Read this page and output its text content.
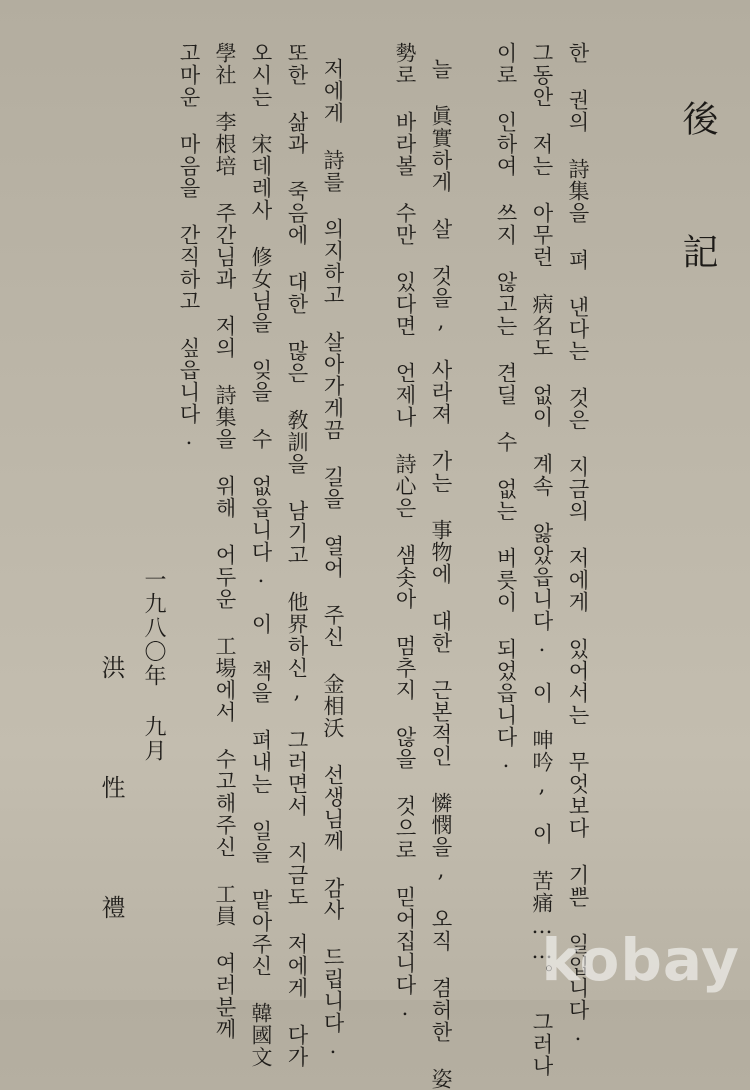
後 記
한 권의 詩集을 펴 낸다는 것은 지금의 저에게 있어서는 무엇보다 기쁜 일입니다.
그동안 저는 아무런 病名도 없이 계속 앓았읍니다. 이 呻吟, 이 苦痛……。 그러나
이로 인하여 쓰지 않고는 견딜 수 없는 버릇이 되었읍니다.
늘 眞實하게 살 것을, 사라져 가는 事物에 대한 근본적인 憐憫을, 오직 겸허한 姿
勢로 바라볼 수만 있다면 언제나 詩心은 샘솟아 멈추지 않을 것으로 믿어집니다.
저에게 詩를 의지하고 살아가게끔 길을 열어 주신 金相沃 선생님께 감사 드립니다.
또한 삶과 죽음에 대한 많은 敎訓을 남기고 他界하신, 그러면서 지금도 저에게 다가
오시는 宋데레사 修女님을 잊을 수 없읍니다. 이 책을 펴내는 일을 맡아주신 韓國文
學社 李根培 주간님과 저의 詩集을 위해 어두운 工場에서 수고해주신 工員 여러분께
고마운 마음을 간직하고 싶읍니다.
一九八〇年 九月
洪 性 禮
kobay
